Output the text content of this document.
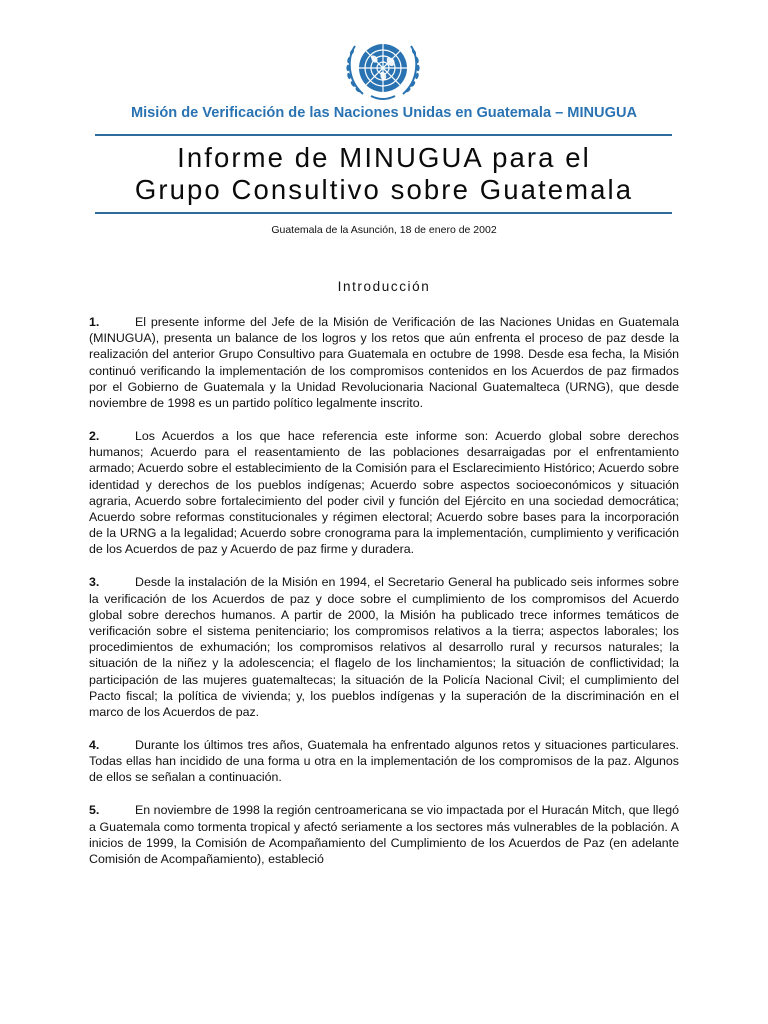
Misión de Verificación de las Naciones Unidas en Guatemala – MINUGUA
Informe de MINUGUA para el
Grupo Consultivo sobre Guatemala
Guatemala de la Asunción, 18 de enero de 2002
Introducción

1.	El presente informe del Jefe de la Misión de Verificación de las Naciones Unidas en Guatemala (MINUGUA), presenta un balance de los logros y los retos que aún enfrenta el proceso de paz desde la realización del anterior Grupo Consultivo para Guatemala en octubre de 1998. Desde esa fecha, la Misión continuó verificando la implementación de los compromisos contenidos en los Acuerdos de paz firmados por el Gobierno de Guatemala y la Unidad Revolucionaria Nacional Guatemalteca (URNG), que desde noviembre de 1998 es un partido político legalmente inscrito.

2.	Los Acuerdos a los que hace referencia este informe son: Acuerdo global sobre derechos humanos; Acuerdo para el reasentamiento de las poblaciones desarraigadas por el enfrentamiento armado; Acuerdo sobre el establecimiento de la Comisión para el Esclarecimiento Histórico; Acuerdo sobre identidad y derechos de los pueblos indígenas; Acuerdo sobre aspectos socioeconómicos y situación agraria, Acuerdo sobre fortalecimiento del poder civil y función del Ejército en una sociedad democrática; Acuerdo sobre reformas constitucionales y régimen electoral; Acuerdo sobre bases para la incorporación de la URNG a la legalidad; Acuerdo sobre cronograma para la implementación, cumplimiento y verificación de los Acuerdos de paz y Acuerdo de paz firme y duradera.

3.	Desde la instalación de la Misión en 1994, el Secretario General ha publicado seis informes sobre la verificación de los Acuerdos de paz y doce sobre el cumplimiento de los compromisos del Acuerdo global sobre derechos humanos. A partir de 2000, la Misión ha publicado trece informes temáticos de verificación sobre el sistema penitenciario; los compromisos relativos a la tierra; aspectos laborales; los procedimientos de exhumación; los compromisos relativos al desarrollo rural y recursos naturales; la situación de la niñez y la adolescencia; el flagelo de los linchamientos; la situación de conflictividad; la participación de las mujeres guatemaltecas; la situación de la Policía Nacional Civil; el cumplimiento del Pacto fiscal; la política de vivienda; y, los pueblos indígenas y la superación de la discriminación en el marco de los Acuerdos de paz.

4.	Durante los últimos tres años, Guatemala ha enfrentado algunos retos y situaciones particulares. Todas ellas han incidido de una forma u otra en la implementación de los compromisos de la paz. Algunos de ellos se señalan a continuación.

5.	En noviembre de 1998 la región centroamericana se vio impactada por el Huracán Mitch, que llegó a Guatemala como tormenta tropical y afectó seriamente a los sectores más vulnerables de la población. A inicios de 1999, la Comisión de Acompañamiento del Cumplimiento de los Acuerdos de Paz (en adelante Comisión de Acompañamiento), estableció
